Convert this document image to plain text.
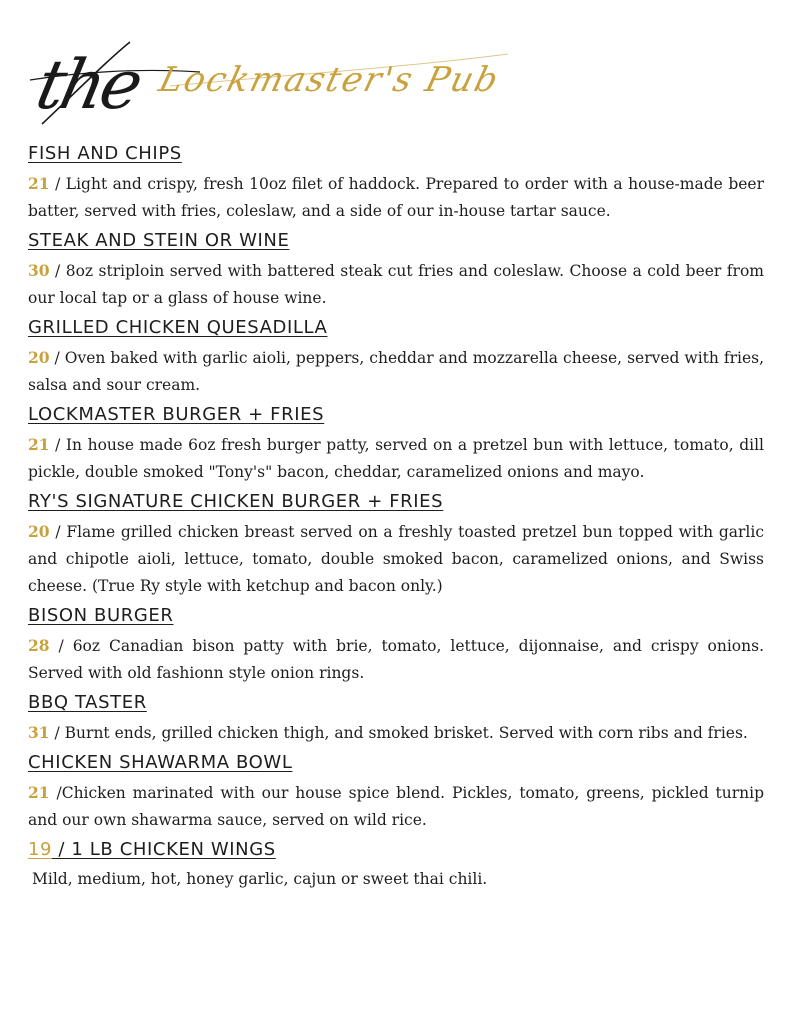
the Lockmaster's Pub
FISH AND CHIPS
21 / Light and crispy, fresh 10oz filet of haddock. Prepared to order with a house-made beer batter, served with fries, coleslaw, and a side of our in-house tartar sauce.
STEAK AND STEIN OR WINE
30 / 8oz striploin served with battered steak cut fries and coleslaw. Choose a cold beer from our local tap or a glass of house wine.
GRILLED CHICKEN QUESADILLA
20 / Oven baked with garlic aioli, peppers, cheddar and mozzarella cheese, served with fries, salsa and sour cream.
LOCKMASTER BURGER + FRIES
21 / In house made 6oz fresh burger patty, served on a pretzel bun with lettuce, tomato, dill pickle, double smoked "Tony's" bacon, cheddar, caramelized onions and mayo.
RY'S SIGNATURE CHICKEN BURGER + FRIES
20 / Flame grilled chicken breast served on a freshly toasted pretzel bun topped with garlic and chipotle aioli, lettuce, tomato, double smoked bacon, caramelized onions, and Swiss cheese. (True Ry style with ketchup and bacon only.)
BISON BURGER
28 / 6oz Canadian bison patty with brie, tomato, lettuce, dijonnaise, and crispy onions. Served with old fashionn style onion rings.
BBQ TASTER
31 / Burnt ends, grilled chicken thigh, and smoked brisket. Served with corn ribs and fries.
CHICKEN SHAWARMA BOWL
21 /Chicken marinated with our house spice blend. Pickles, tomato, greens, pickled turnip and our own shawarma sauce, served on wild rice.
19 / 1 LB CHICKEN WINGS
Mild, medium, hot, honey garlic, cajun or sweet thai chili.
